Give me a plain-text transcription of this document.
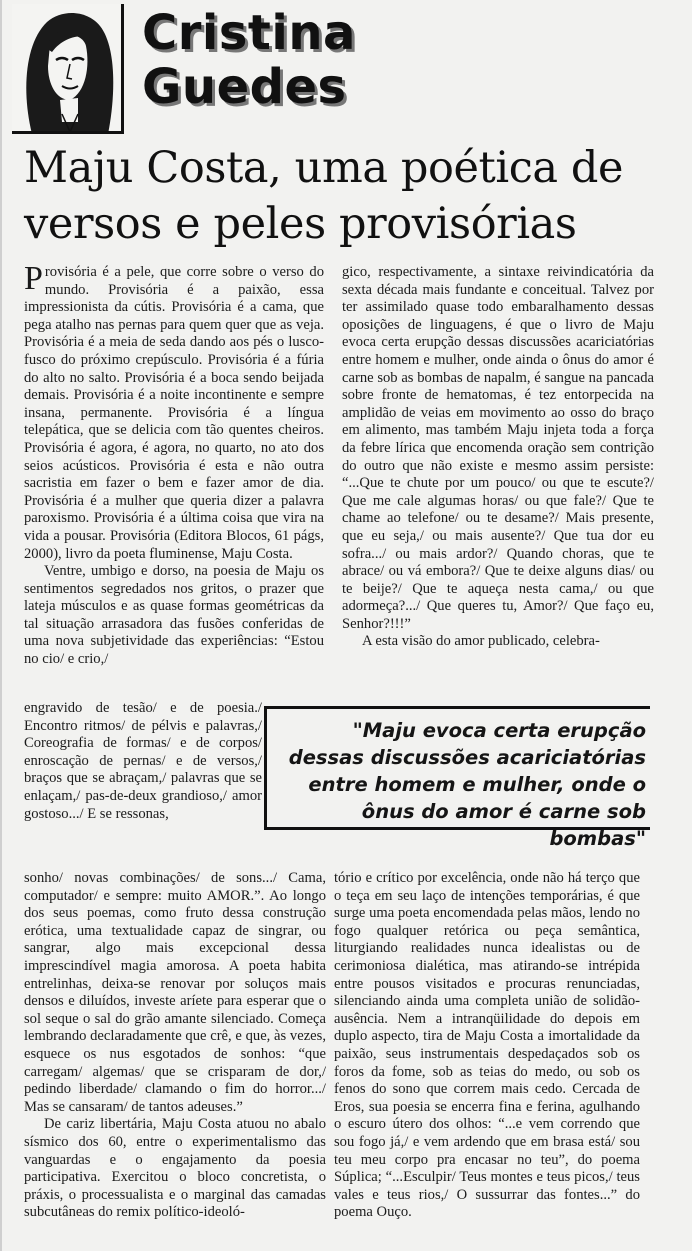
Cristina
Guedes
Maju Costa, uma poética de
versos e peles provisórias

Provisória é a pele, que corre sobre o verso do mundo. Provisória é a paixão, essa impressionista da cútis. Provisória é a cama, que pega atalho nas pernas para quem quer que as veja. Provisória é a meia de seda dando aos pés o lusco-fusco do próximo crepúsculo. Provisória é a fúria do alto no salto. Provisória é a boca sendo beijada demais. Provisória é a noite incontinente e sempre insana, permanente. Provisória é a língua telepática, que se delicia com tão quentes cheiros. Provisória é agora, é agora, no quarto, no ato dos seios acústicos. Provisória é esta e não outra sacristia em fazer o bem e fazer amor de dia. Provisória é a mulher que queria dizer a palavra paroxismo. Provisória é a última coisa que vira na vida a pousar. Provisória (Editora Blocos, 61 págs, 2000), livro da poeta fluminense, Maju Costa.

Ventre, umbigo e dorso, na poesia de Maju os sentimentos segredados nos gritos, o prazer que lateja músculos e as quase formas geométricas da tal situação arrasadora das fusões conferidas de uma nova subjetividade das experiências: “Estou no cio/ e crio,/

engravido de tesão/ e de poesia./ Encontro ritmos/ de pélvis e palavras,/ Coreografia de formas/ e de corpos/ enroscação de pernas/ e de versos,/ braços que se abraçam,/ palavras que se enlaçam,/ pas-de-deux grandioso,/ amor gostoso.../ E se ressonas,

"Maju evoca certa erupção dessas discussões acariciatórias entre homem e mulher, onde o ônus do amor é carne sob bombas"

sonho/ novas combinações/ de sons.../ Cama, computador/ e sempre: muito AMOR.”. Ao longo dos seus poemas, como fruto dessa construção erótica, uma textualidade capaz de singrar, ou sangrar, algo mais excepcional dessa imprescindível magia amorosa. A poeta habita entrelinhas, deixa-se renovar por soluços mais densos e diluídos, investe aríete para esperar que o sol seque o sal do grão amante silenciado. Começa lembrando declaradamente que crê, e que, às vezes, esquece os nus esgotados de sonhos: “que carregam/ algemas/ que se crisparam de dor,/ pedindo liberdade/ clamando o fim do horror.../ Mas se cansaram/ de tantos adeuses.”

De cariz libertária, Maju Costa atuou no abalo sísmico dos 60, entre o experimentalismo das vanguardas e o engajamento da poesia participativa. Exercitou o bloco concretista, o práxis, o processualista e o marginal das camadas subcutâneas do remix político-ideoló-

gico, respectivamente, a sintaxe reivindicatória da sexta década mais fundante e conceitual. Talvez por ter assimilado quase todo embaralhamento dessas oposições de linguagens, é que o livro de Maju evoca certa erupção dessas discussões acariciatórias entre homem e mulher, onde ainda o ônus do amor é carne sob as bombas de napalm, é sangue na pancada sobre fronte de hematomas, é tez entorpecida na amplidão de veias em movimento ao osso do braço em alimento, mas também Maju injeta toda a força da febre lírica que encomenda oração sem contrição do outro que não existe e mesmo assim persiste: “...Que te chute por um pouco/ ou que te escute?/ Que me cale algumas horas/ ou que fale?/ Que te chame ao telefone/ ou te desame?/ Mais presente, que eu seja,/ ou mais ausente?/ Que tua dor eu sofra.../ ou mais ardor?/ Quando choras, que te abrace/ ou vá embora?/ Que te deixe alguns dias/ ou te beije?/ Que te aqueça nesta cama,/ ou que adormeça?.../ Que queres tu, Amor?/ Que faço eu, Senhor?!!!”

A esta visão do amor publicado, celebra-

tório e crítico por excelência, onde não há terço que o teça em seu laço de intenções temporárias, é que surge uma poeta encomendada pelas mãos, lendo no fogo qualquer retórica ou peça semântica, liturgiando realidades nunca idealistas ou de cerimoniosa dialética, mas atirando-se intrépida entre pousos visitados e procuras renunciadas, silenciando ainda uma completa união de solidão-ausência. Nem a intranqüilidade do depois em duplo aspecto, tira de Maju Costa a imortalidade da paixão, seus instrumentais despedaçados sob os foros da fome, sob as teias do medo, ou sob os fenos do sono que correm mais cedo. Cercada de Eros, sua poesia se encerra fina e ferina, agulhando o escuro útero dos olhos: “...e vem correndo que sou fogo já,/ e vem ardendo que em brasa está/ sou teu meu corpo pra encasar no teu”, do poema Súplica; “...Esculpir/ Teus montes e teus picos,/ teus vales e teus rios,/ O sussurrar das fontes...” do poema Ouço.
